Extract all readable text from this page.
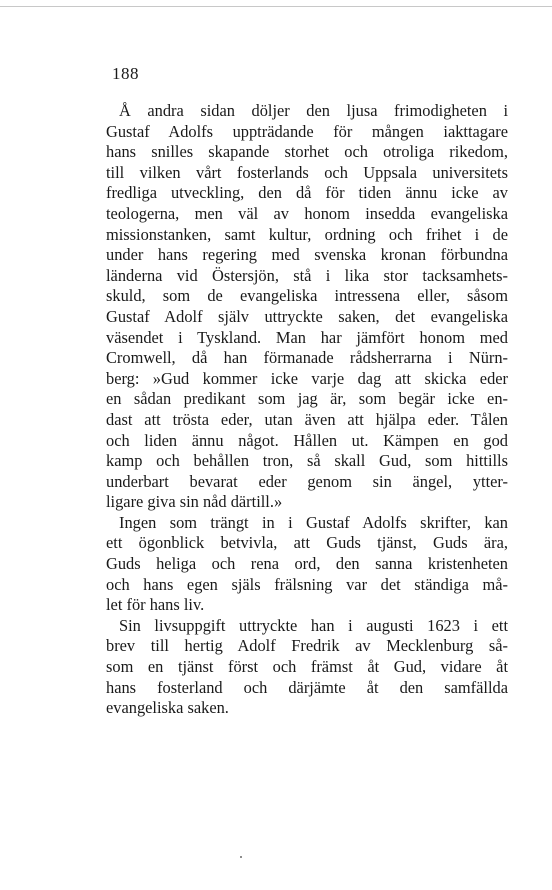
188
Å andra sidan döljer den ljusa frimodigheten i
Gustaf Adolfs uppträdande för mången iakttagare
hans snilles skapande storhet och otroliga rikedom,
till vilken vårt fosterlands och Uppsala universitets
fredliga utveckling, den då för tiden ännu icke av
teologerna, men väl av honom insedda evangeliska
missionstanken, samt kultur, ordning och frihet i de
under hans regering med svenska kronan förbundna
länderna vid Östersjön, stå i lika stor tacksamhets-
skuld, som de evangeliska intressena eller, såsom
Gustaf Adolf själv uttryckte saken, det evangeliska
väsendet i Tyskland. Man har jämfört honom med
Cromwell, då han förmanade rådsherrarna i Nürn-
berg: »Gud kommer icke varje dag att skicka eder
en sådan predikant som jag är, som begär icke en-
dast att trösta eder, utan även att hjälpa eder. Tålen
och liden ännu något. Hållen ut. Kämpen en god
kamp och behållen tron, så skall Gud, som hittills
underbart bevarat eder genom sin ängel, ytter-
ligare giva sin nåd därtill.»
Ingen som trängt in i Gustaf Adolfs skrifter, kan
ett ögonblick betvivla, att Guds tjänst, Guds ära,
Guds heliga och rena ord, den sanna kristenheten
och hans egen själs frälsning var det ständiga må-
let för hans liv.
Sin livsuppgift uttryckte han i augusti 1623 i ett
brev till hertig Adolf Fredrik av Mecklenburg så-
som en tjänst först och främst åt Gud, vidare åt
hans fosterland och därjämte åt den samfällda
evangeliska saken.
